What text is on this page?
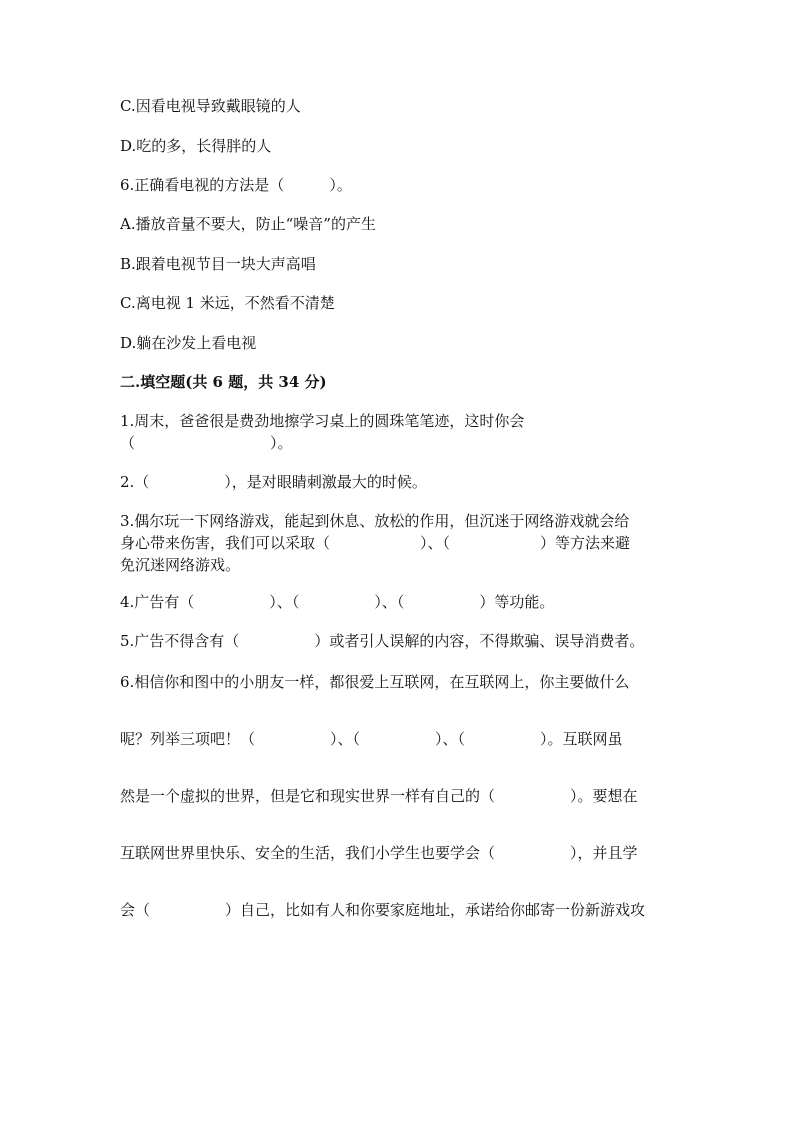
C.因看电视导致戴眼镜的人
D.吃的多，长得胖的人
6.正确看电视的方法是（　　　）。
A.播放音量不要大，防止“噪音”的产生
B.跟着电视节目一块大声高唱
C.离电视 1 米远，不然看不清楚
D.躺在沙发上看电视
二.填空题(共 6 题，共 34 分)
1.周末，爸爸很是费劲地擦学习桌上的圆珠笔笔迹，这时你会
（　　　　　　　　　）。
2.（　　　　　），是对眼睛刺激最大的时候。
3.偶尔玩一下网络游戏，能起到休息、放松的作用，但沉迷于网络游戏就会给
身心带来伤害，我们可以采取（　　　　　　）、（　　　　　　）等方法来避
免沉迷网络游戏。
4.广告有（　　　　　）、（　　　　　）、（　　　　　）等功能。
5.广告不得含有（　　　　　）或者引人误解的内容，不得欺骗、误导消费者。
6.相信你和图中的小朋友一样，都很爱上互联网，在互联网上，你主要做什么
呢？列举三项吧！（　　　　　）、（　　　　　）、（　　　　　）。互联网虽
然是一个虚拟的世界，但是它和现实世界一样有自己的（　　　　　）。要想在
互联网世界里快乐、安全的生活，我们小学生也要学会（　　　　　），并且学
会（　　　　　）自己，比如有人和你要家庭地址，承诺给你邮寄一份新游戏攻
